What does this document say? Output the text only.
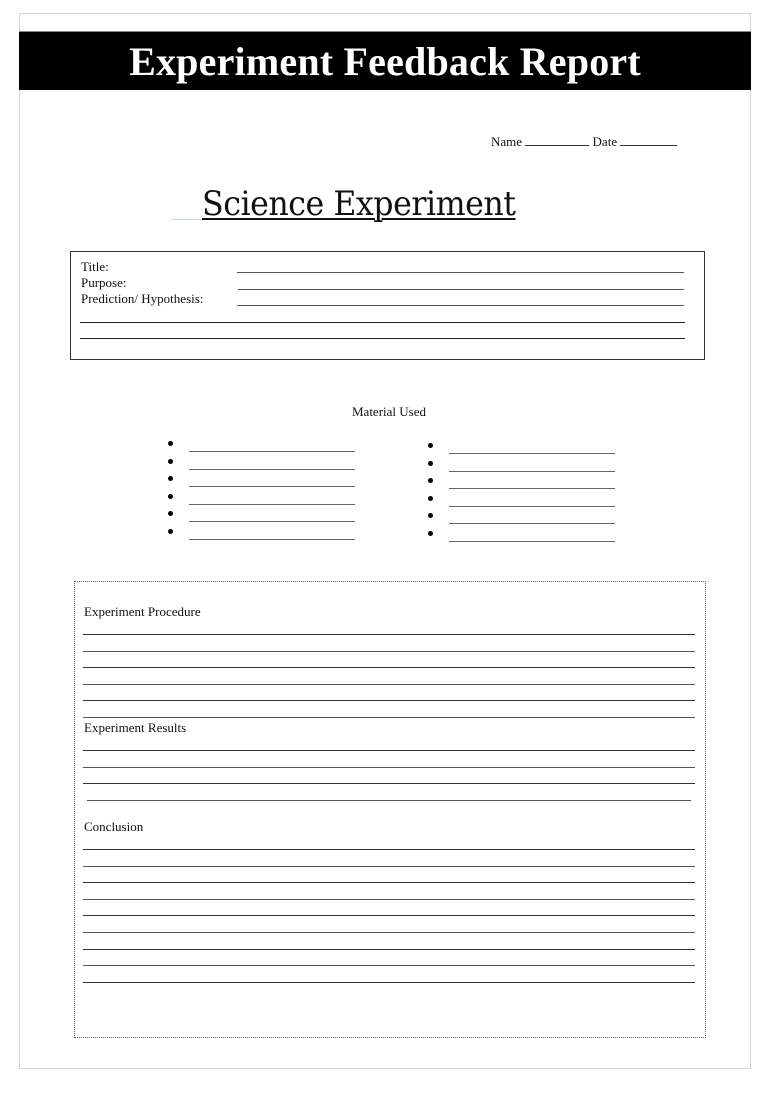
Experiment Feedback Report
Name	Date
Science Experiment
Title:
Purpose:
Prediction/ Hypothesis:
Material Used
Experiment Procedure
Experiment Results
Conclusion
